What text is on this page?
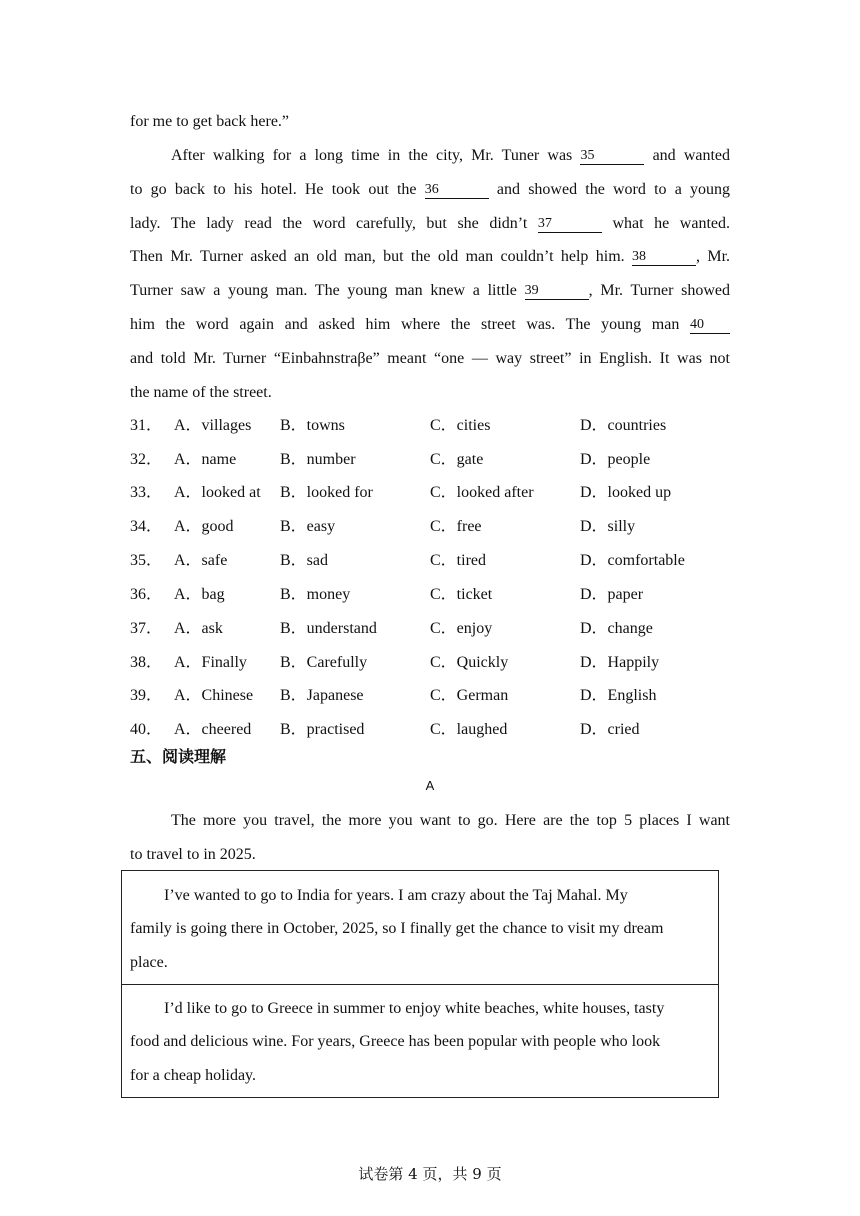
for me to get back here.”
After walking for a long time in the city, Mr. Tuner was 35	and wanted
to go back to his hotel. He took out the 36	and showed the word to a young
lady. The lady read the word carefully, but she didn’t 37	what he wanted.
Then Mr. Turner asked an old man, but the old man couldn’t help him. 38	, Mr.
Turner saw a young man. The young man knew a little 39	, Mr. Turner showed
him the word again and asked him where the street was. The young man 40
and told Mr. Turner “Einbahnstraβe” meant “one — way street” in English. It was not
the name of the street.
31． A．villages B．towns	C．cities	D．countries
32． A．name	B．number	C．gate	D．people
33． A．looked at B．looked for	C．looked after	D．looked up
34． A．good	B．easy	C．free	D．silly
35． A．safe	B．sad	C．tired	D．comfortable
36． A．bag	B．money	C．ticket	D．paper
37． A．ask	B．understand	C．enjoy	D．change
38． A．Finally B．Carefully	C．Quickly	D．Happily
39． A．Chinese B．Japanese	C．German	D．English
40． A．cheered B．practised	C．laughed	D．cried
五、阅读理解
A
The more you travel, the more you want to go. Here are the top 5 places I want
to travel to in 2025.
I’ve wanted to go to India for years. I am crazy about the Taj Mahal. My
family is going there in October, 2025, so I finally get the chance to visit my dream
place.
I’d like to go to Greece in summer to enjoy white beaches, white houses, tasty
food and delicious wine. For years, Greece has been popular with people who look
for a cheap holiday.
试卷第 4 页，共 9 页
